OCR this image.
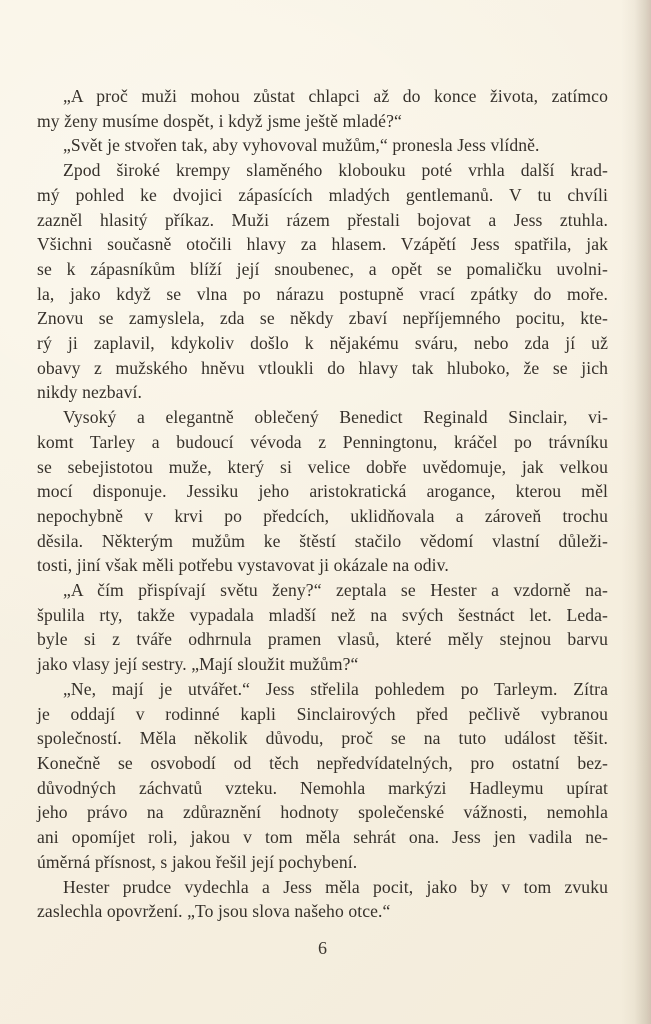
„A proč muži mohou zůstat chlapci až do konce života, zatímco
my ženy musíme dospět, i když jsme ještě mladé?“
„Svět je stvořen tak, aby vyhovoval mužům,“ pronesla Jess vlídně.
Zpod široké krempy slaměného klobouku poté vrhla další krad-
mý pohled ke dvojici zápasících mladých gentlemanů. V tu chvíli
zazněl hlasitý příkaz. Muži rázem přestali bojovat a Jess ztuhla.
Všichni současně otočili hlavy za hlasem. Vzápětí Jess spatřila, jak
se k zápasníkům blíží její snoubenec, a opět se pomaličku uvolni-
la, jako když se vlna po nárazu postupně vrací zpátky do moře.
Znovu se zamyslela, zda se někdy zbaví nepříjemného pocitu, kte-
rý ji zaplavil, kdykoliv došlo k nějakému sváru, nebo zda jí už
obavy z mužského hněvu vtloukli do hlavy tak hluboko, že se jich
nikdy nezbaví.
Vysoký a elegantně oblečený Benedict Reginald Sinclair, vi-
komt Tarley a budoucí vévoda z Penningtonu, kráčel po trávníku
se sebejistotou muže, který si velice dobře uvědomuje, jak velkou
mocí disponuje. Jessiku jeho aristokratická arogance, kterou měl
nepochybně v krvi po předcích, uklidňovala a zároveň trochu
děsila. Některým mužům ke štěstí stačilo vědomí vlastní důleži-
tosti, jiní však měli potřebu vystavovat ji okázale na odiv.
„A čím přispívají světu ženy?“ zeptala se Hester a vzdorně na-
špulila rty, takže vypadala mladší než na svých šestnáct let. Leda-
byle si z tváře odhrnula pramen vlasů, které měly stejnou barvu
jako vlasy její sestry. „Mají sloužit mužům?“
„Ne, mají je utvářet.“ Jess střelila pohledem po Tarleym. Zítra
je oddají v rodinné kapli Sinclairových před pečlivě vybranou
společností. Měla několik důvodu, proč se na tuto událost těšit.
Konečně se osvobodí od těch nepředvídatelných, pro ostatní bez-
důvodných záchvatů vzteku. Nemohla markýzi Hadleymu upírat
jeho právo na zdůraznění hodnoty společenské vážnosti, nemohla
ani opomíjet roli, jakou v tom měla sehrát ona. Jess jen vadila ne-
úměrná přísnost, s jakou řešil její pochybení.
Hester prudce vydechla a Jess měla pocit, jako by v tom zvuku
zaslechla opovržení. „To jsou slova našeho otce.“
6
